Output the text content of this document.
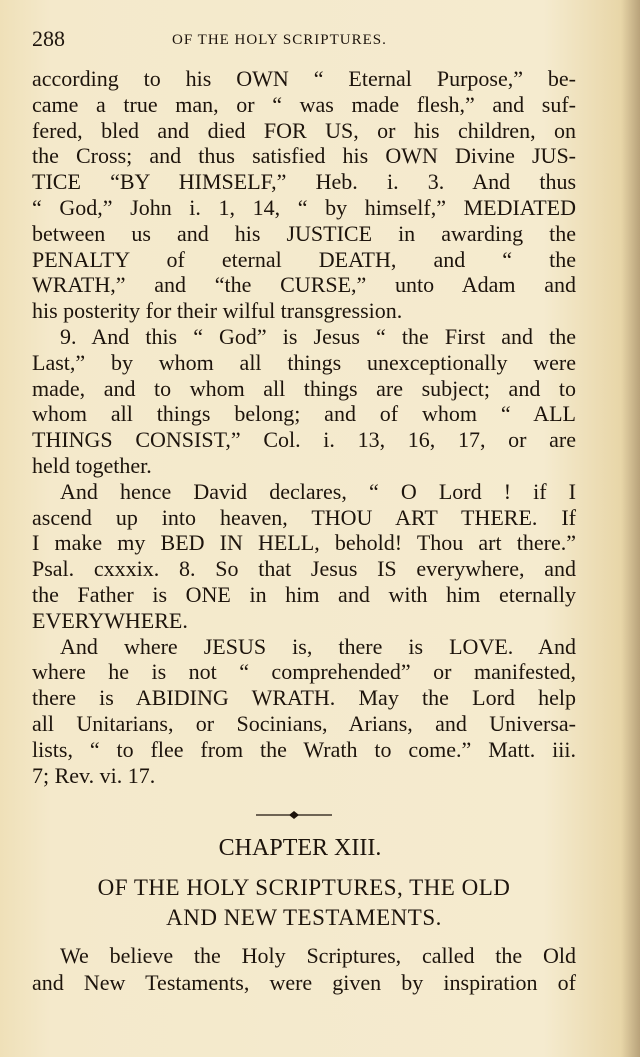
288	OF THE HOLY SCRIPTURES.

according to his OWN “ Eternal Purpose,” be-
came a true man, or “ was made flesh,” and suf-
fered, bled and died FOR US, or his children, on
the Cross; and thus satisfied his OWN Divine JUS-
TICE “BY HIMSELF,” Heb. i. 3. And thus
“ God,” John i. 1, 14, “ by himself,” MEDIATED
between us and his JUSTICE in awarding the
PENALTY of eternal DEATH, and “ the
WRATH,” and “the CURSE,” unto Adam and
his posterity for their wilful transgression.

9. And this “ God” is Jesus “ the First and the
Last,” by whom all things unexceptionally were
made, and to whom all things are subject; and to
whom all things belong; and of whom “ ALL
THINGS CONSIST,” Col. i. 13, 16, 17, or are
held together.

And hence David declares, “ O Lord ! if I
ascend up into heaven, THOU ART THERE. If
I make my BED IN HELL, behold! Thou art there.”
Psal. cxxxix. 8. So that Jesus IS everywhere, and
the Father is ONE in him and with him eternally
EVERYWHERE.

And where JESUS is, there is LOVE. And
where he is not “ comprehended” or manifested,
there is ABIDING WRATH. May the Lord help
all Unitarians, or Socinians, Arians, and Universa-
lists, “ to flee from the Wrath to come.” Matt. iii.
7; Rev. vi. 17.

CHAPTER XIII.
OF THE HOLY SCRIPTURES, THE OLD
AND NEW TESTAMENTS.
We believe the Holy Scriptures, called the Old
and New Testaments, were given by inspiration of
